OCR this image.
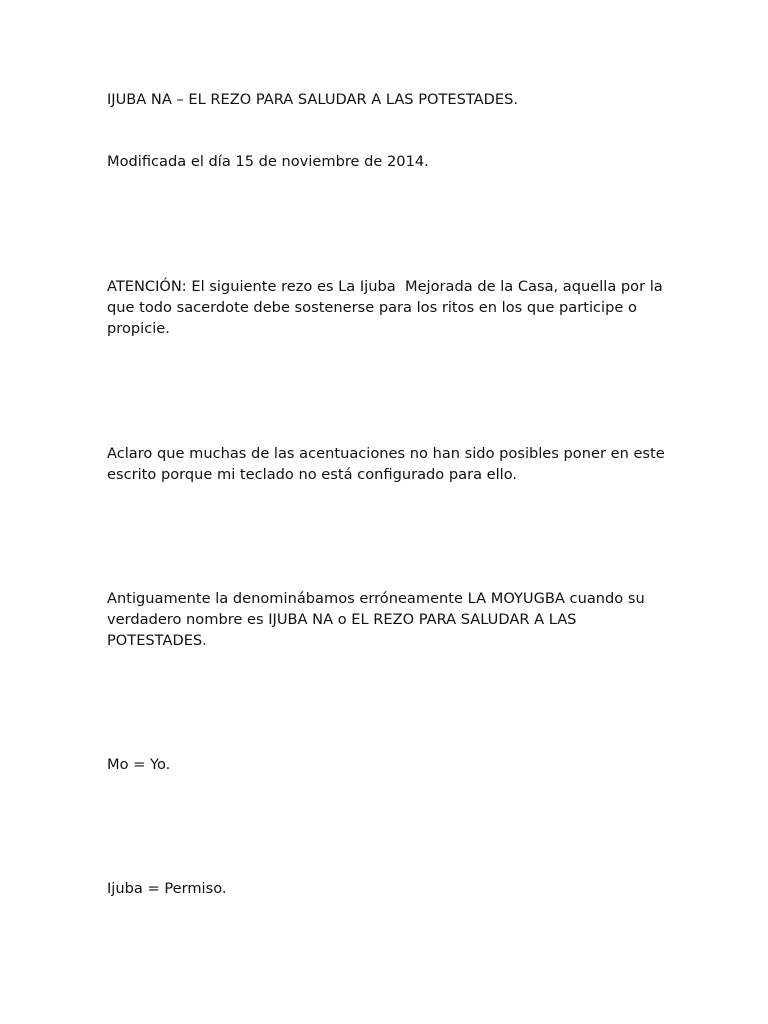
IJUBA NA – EL REZO PARA SALUDAR A LAS POTESTADES.

Modificada el día 15 de noviembre de 2014.

ATENCIÓN: El siguiente rezo es La Ijuba  Mejorada de la Casa, aquella por la que todo sacerdote debe sostenerse para los ritos en los que participe o propicie.

Aclaro que muchas de las acentuaciones no han sido posibles poner en este escrito porque mi teclado no está configurado para ello.

Antiguamente la denominábamos erróneamente LA MOYUGBA cuando su verdadero nombre es IJUBA NA o EL REZO PARA SALUDAR A LAS POTESTADES.

Mo = Yo.

Ijuba = Permiso.
